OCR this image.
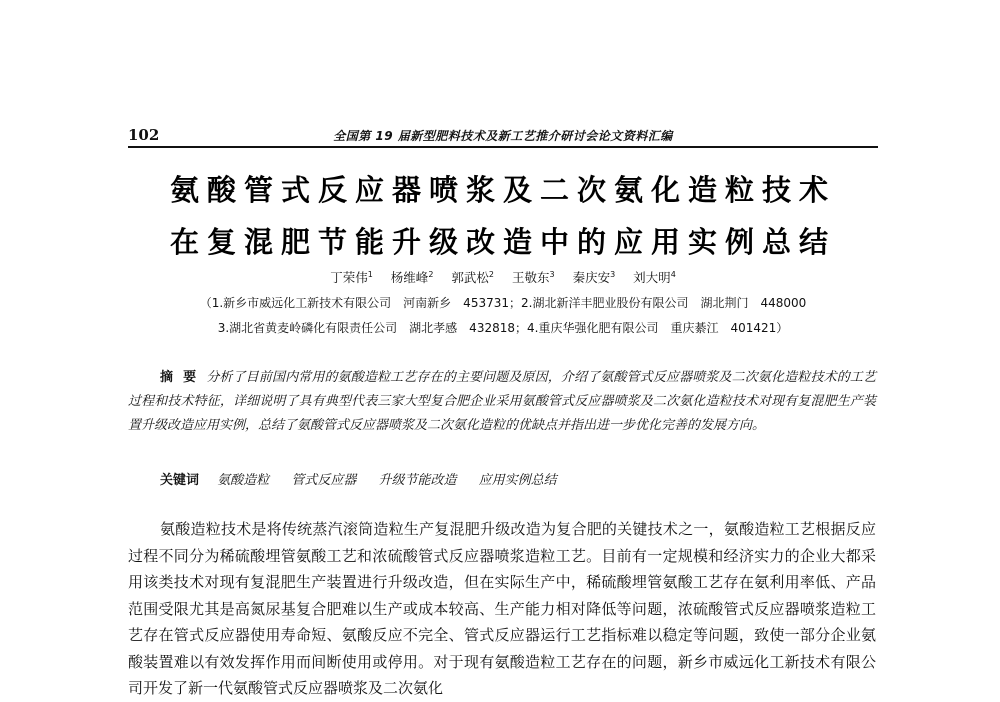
102	全国第 19 届新型肥料技术及新工艺推介研讨会论文资料汇编
氨酸管式反应器喷浆及二次氨化造粒技术
在复混肥节能升级改造中的应用实例总结
丁荣伟$^1$ 杨维峰$^2$ 郭武松$^2$ 王敬东$^3$ 秦庆安$^3$ 刘大明$^4$
（1.新乡市威远化工新技术有限公司　河南新乡　453731；2.湖北新洋丰肥业股份有限公司　湖北荆门　448000
3.湖北省黄麦岭磷化有限责任公司　湖北孝感　432818；4.重庆华强化肥有限公司　重庆綦江　401421）
摘要分析了目前国内常用的氨酸造粒工艺存在的主要问题及原因，介绍了氨酸管式反应器喷浆及二次氨化造粒技术的工艺过程和技术特征，详细说明了具有典型代表三家大型复合肥企业采用氨酸管式反应器喷浆及二次氨化造粒技术对现有复混肥生产装置升级改造应用实例，总结了氨酸管式反应器喷浆及二次氨化造粒的优缺点并指出进一步优化完善的发展方向。
关键词 氨酸造粒 管式反应器 升级节能改造 应用实例总结
氨酸造粒技术是将传统蒸汽滚筒造粒生产复混肥升级改造为复合肥的关键技术之一，氨酸造粒工艺根据反应过程不同分为稀硫酸埋管氨酸工艺和浓硫酸管式反应器喷浆造粒工艺。目前有一定规模和经济实力的企业大都采用该类技术对现有复混肥生产装置进行升级改造，但在实际生产中，稀硫酸埋管氨酸工艺存在氨利用率低、产品范围受限尤其是高氮尿基复合肥难以生产或成本较高、生产能力相对降低等问题，浓硫酸管式反应器喷浆造粒工艺存在管式反应器使用寿命短、氨酸反应不完全、管式反应器运行工艺指标难以稳定等问题，致使一部分企业氨酸装置难以有效发挥作用而间断使用或停用。对于现有氨酸造粒工艺存在的问题，新乡市威远化工新技术有限公司开发了新一代氨酸管式反应器喷浆及二次氨化
